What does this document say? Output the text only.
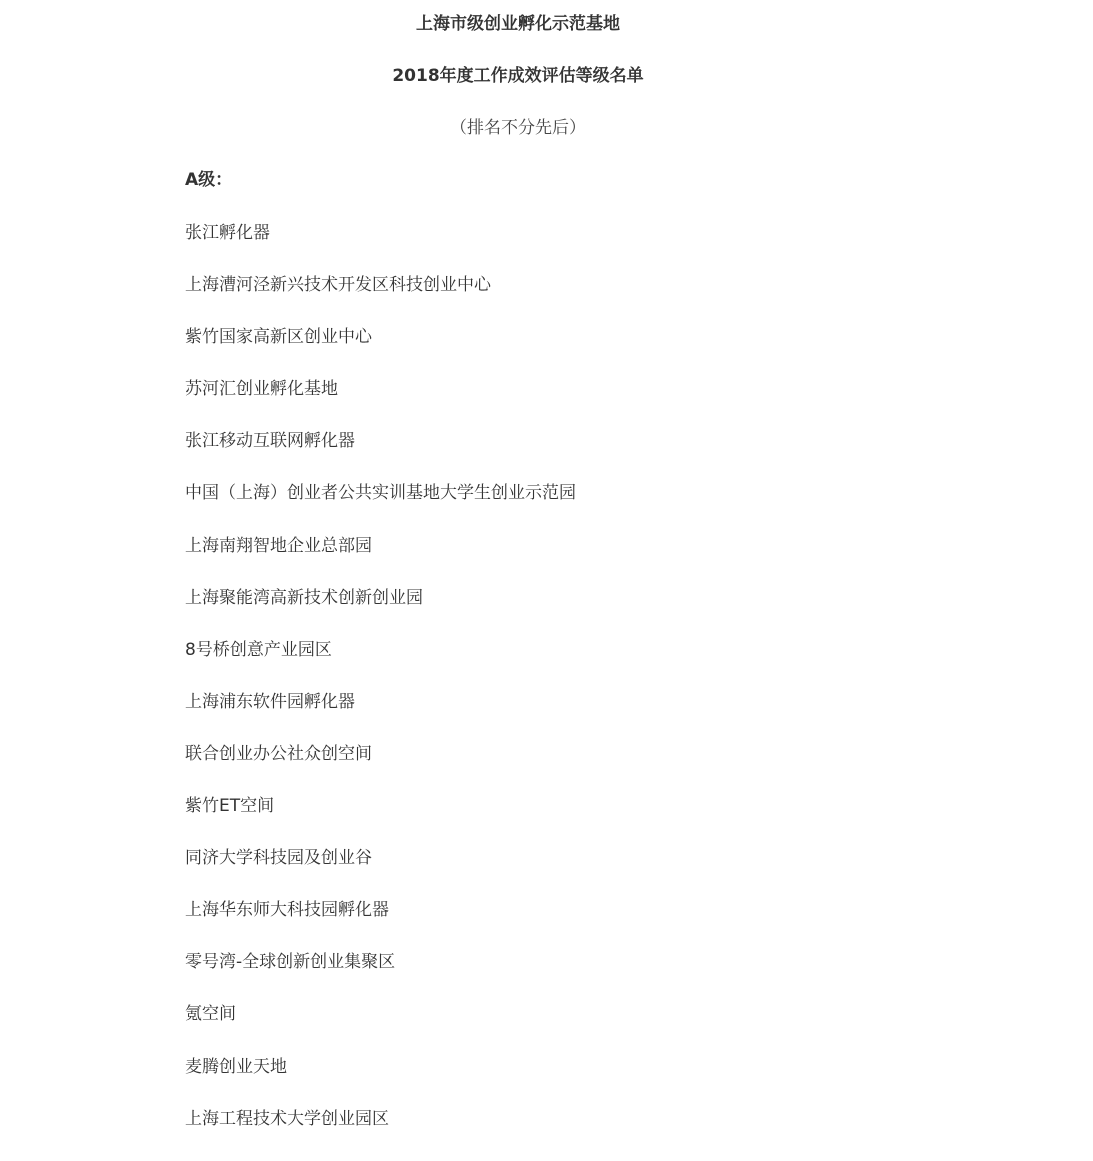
上海市级创业孵化示范基地
2018年度工作成效评估等级名单
（排名不分先后）
A级：
张江孵化器
上海漕河泾新兴技术开发区科技创业中心
紫竹国家高新区创业中心
苏河汇创业孵化基地
张江移动互联网孵化器
中国（上海）创业者公共实训基地大学生创业示范园
上海南翔智地企业总部园
上海聚能湾高新技术创新创业园
8号桥创意产业园区
上海浦东软件园孵化器
联合创业办公社众创空间
紫竹ET空间
同济大学科技园及创业谷
上海华东师大科技园孵化器
零号湾-全球创新创业集聚区
氪空间
麦腾创业天地
上海工程技术大学创业园区
